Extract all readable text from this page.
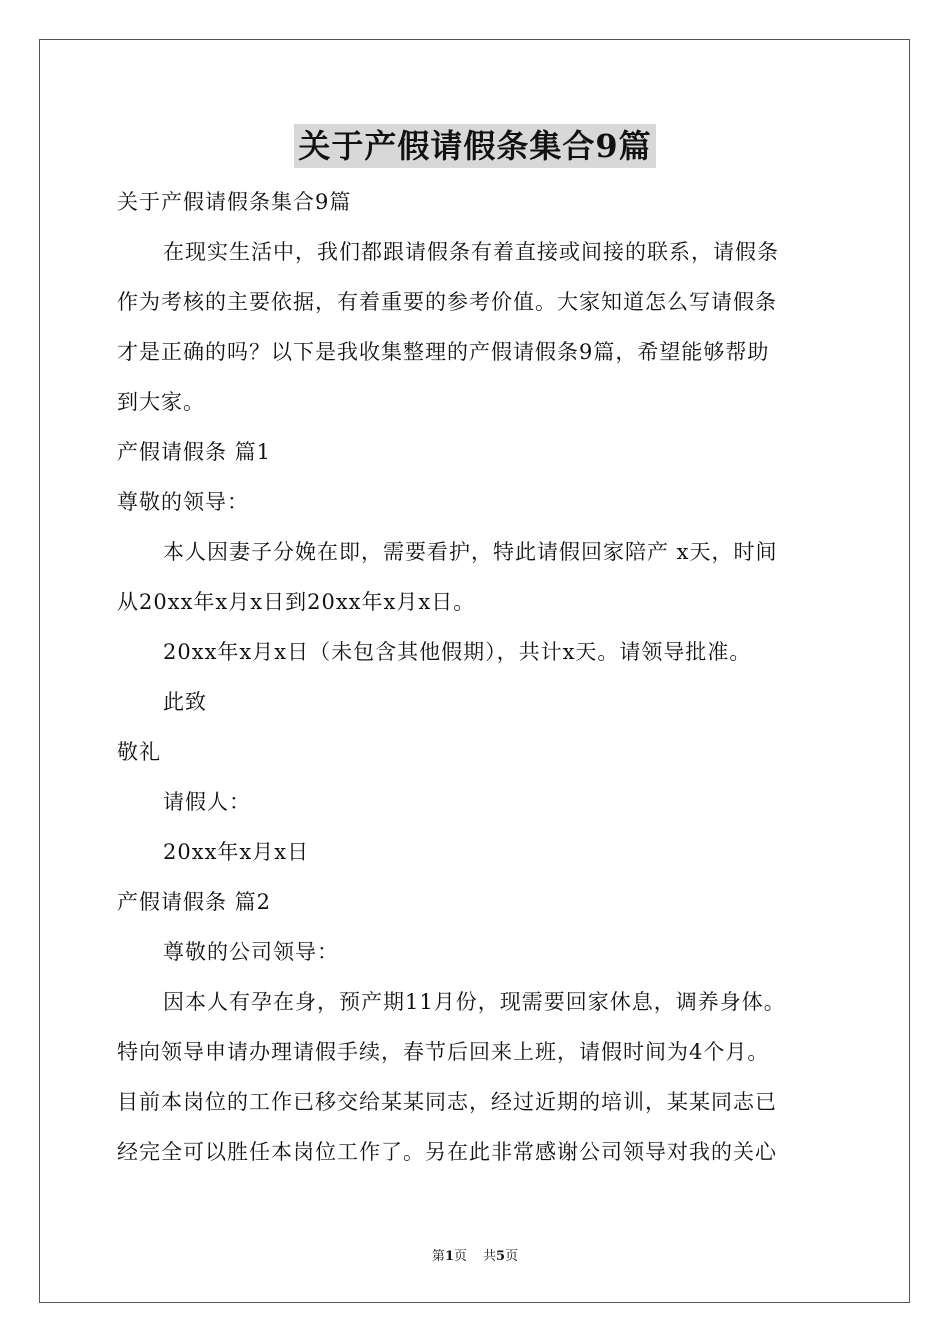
关于产假请假条集合9篇
关于产假请假条集合9篇
在现实生活中，我们都跟请假条有着直接或间接的联系，请假条
作为考核的主要依据，有着重要的参考价值。大家知道怎么写请假条
才是正确的吗？以下是我收集整理的产假请假条9篇，希望能够帮助
到大家。
产假请假条 篇1
尊敬的领导：
本人因妻子分娩在即，需要看护，特此请假回家陪产 x天，时间
从20xx年x月x日到20xx年x月x日。
20xx年x月x日（未包含其他假期），共计x天。请领导批准。
此致
敬礼
请假人：
20xx年x月x日
产假请假条 篇2
尊敬的公司领导：
因本人有孕在身，预产期11月份，现需要回家休息，调养身体。
特向领导申请办理请假手续，春节后回来上班，请假时间为4个月。
目前本岗位的工作已移交给某某同志，经过近期的培训，某某同志已
经完全可以胜任本岗位工作了。另在此非常感谢公司领导对我的关心
第1页 共5页
